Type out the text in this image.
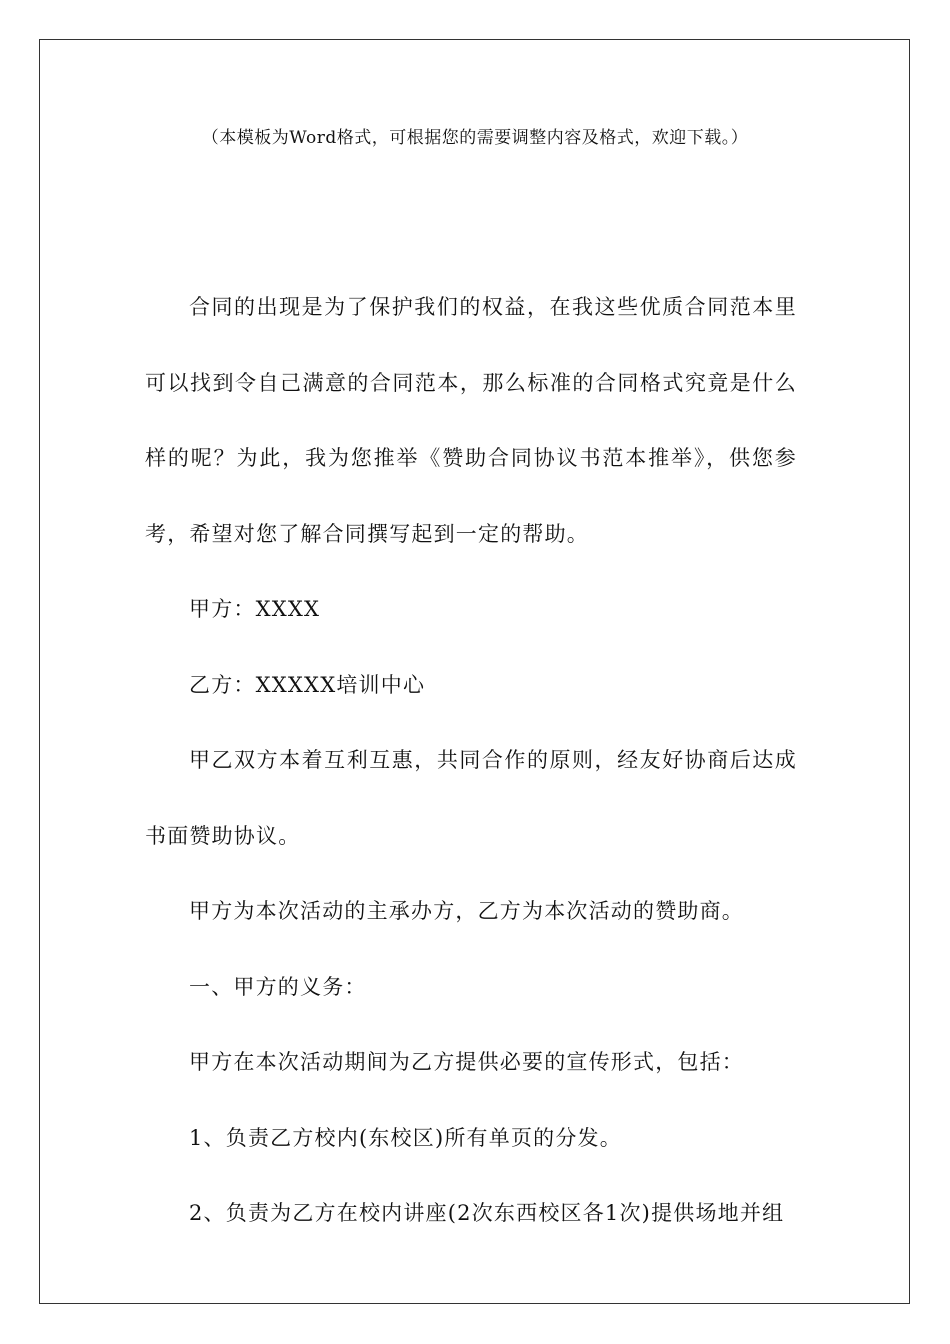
（本模板为Word格式，可根据您的需要调整内容及格式，欢迎下载。）

合同的出现是为了保护我们的权益，在我这些优质合同范本里可以找到令自己满意的合同范本，那么标准的合同格式究竟是什么样的呢？为此，我为您推举《赞助合同协议书范本推举》，供您参考，希望对您了解合同撰写起到一定的帮助。

甲方：XXXX

乙方：XXXXX培训中心

甲乙双方本着互利互惠，共同合作的原则，经友好协商后达成书面赞助协议。

甲方为本次活动的主承办方，乙方为本次活动的赞助商。

一、甲方的义务：

甲方在本次活动期间为乙方提供必要的宣传形式，包括：

1、负责乙方校内(东校区)所有单页的分发。

2、负责为乙方在校内讲座(2次东西校区各1次)提供场地并组
